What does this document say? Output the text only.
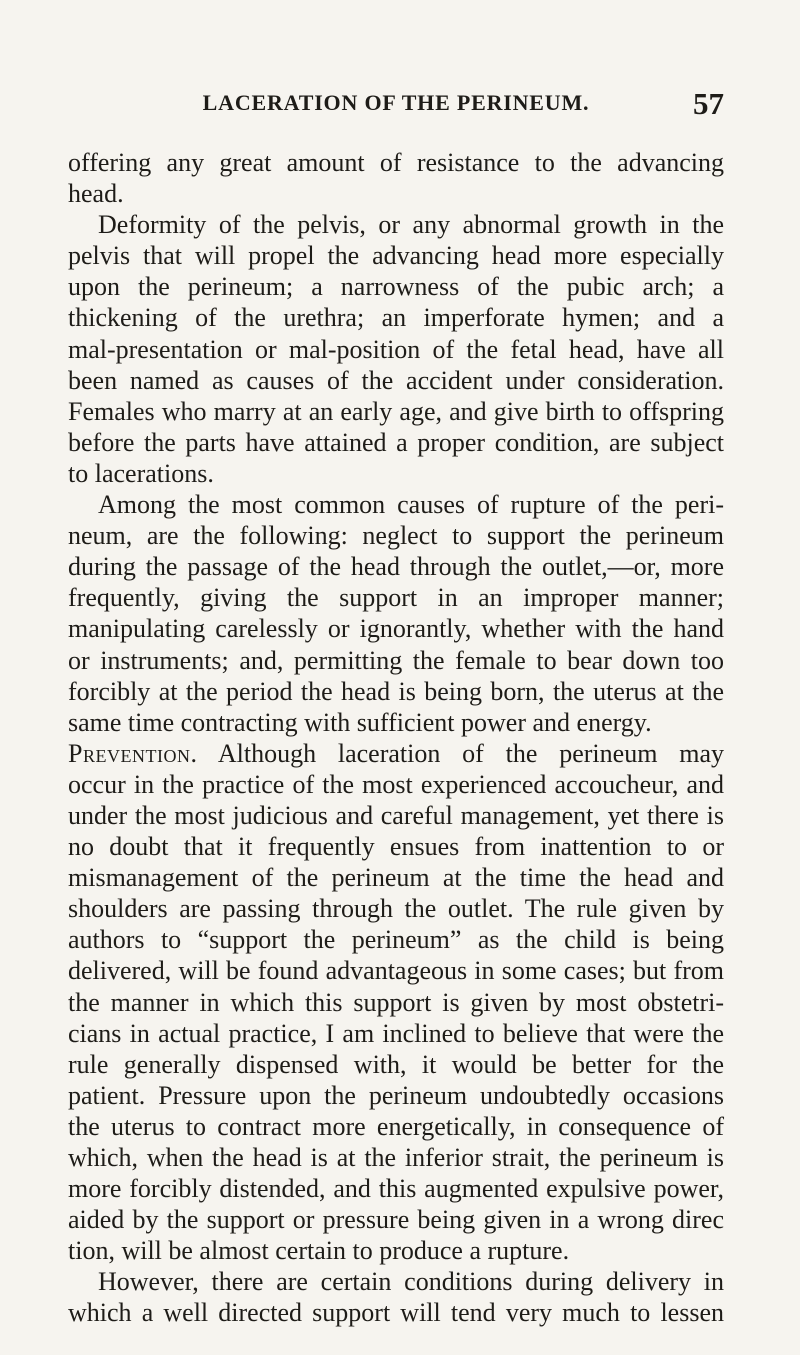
LACERATION OF THE PERINEUM.	57
offering any great amount of resistance to the advancing
head.
Deformity of the pelvis, or any abnormal growth in the
pelvis that will propel the advancing head more especially
upon the perineum; a narrowness of the pubic arch; a
thickening of the urethra; an imperforate hymen; and a
mal-presentation or mal-position of the fetal head, have all
been named as causes of the accident under consideration.
Females who marry at an early age, and give birth to offspring
before the parts have attained a proper condition, are subject
to lacerations.
Among the most common causes of rupture of the peri-
neum, are the following: neglect to support the perineum
during the passage of the head through the outlet,—or, more
frequently, giving the support in an improper manner;
manipulating carelessly or ignorantly, whether with the hand
or instruments; and, permitting the female to bear down too
forcibly at the period the head is being born, the uterus at the
same time contracting with sufficient power and energy.
Prevention. Although laceration of the perineum may
occur in the practice of the most experienced accoucheur, and
under the most judicious and careful management, yet there is
no doubt that it frequently ensues from inattention to or
mismanagement of the perineum at the time the head and
shoulders are passing through the outlet. The rule given by
authors to “support the perineum” as the child is being
delivered, will be found advantageous in some cases; but from
the manner in which this support is given by most obstetri-
cians in actual practice, I am inclined to believe that were the
rule generally dispensed with, it would be better for the
patient. Pressure upon the perineum undoubtedly occasions
the uterus to contract more energetically, in consequence of
which, when the head is at the inferior strait, the perineum is
more forcibly distended, and this augmented expulsive power,
aided by the support or pressure being given in a wrong direc
tion, will be almost certain to produce a rupture.
However, there are certain conditions during delivery in
which a well directed support will tend very much to lessen
